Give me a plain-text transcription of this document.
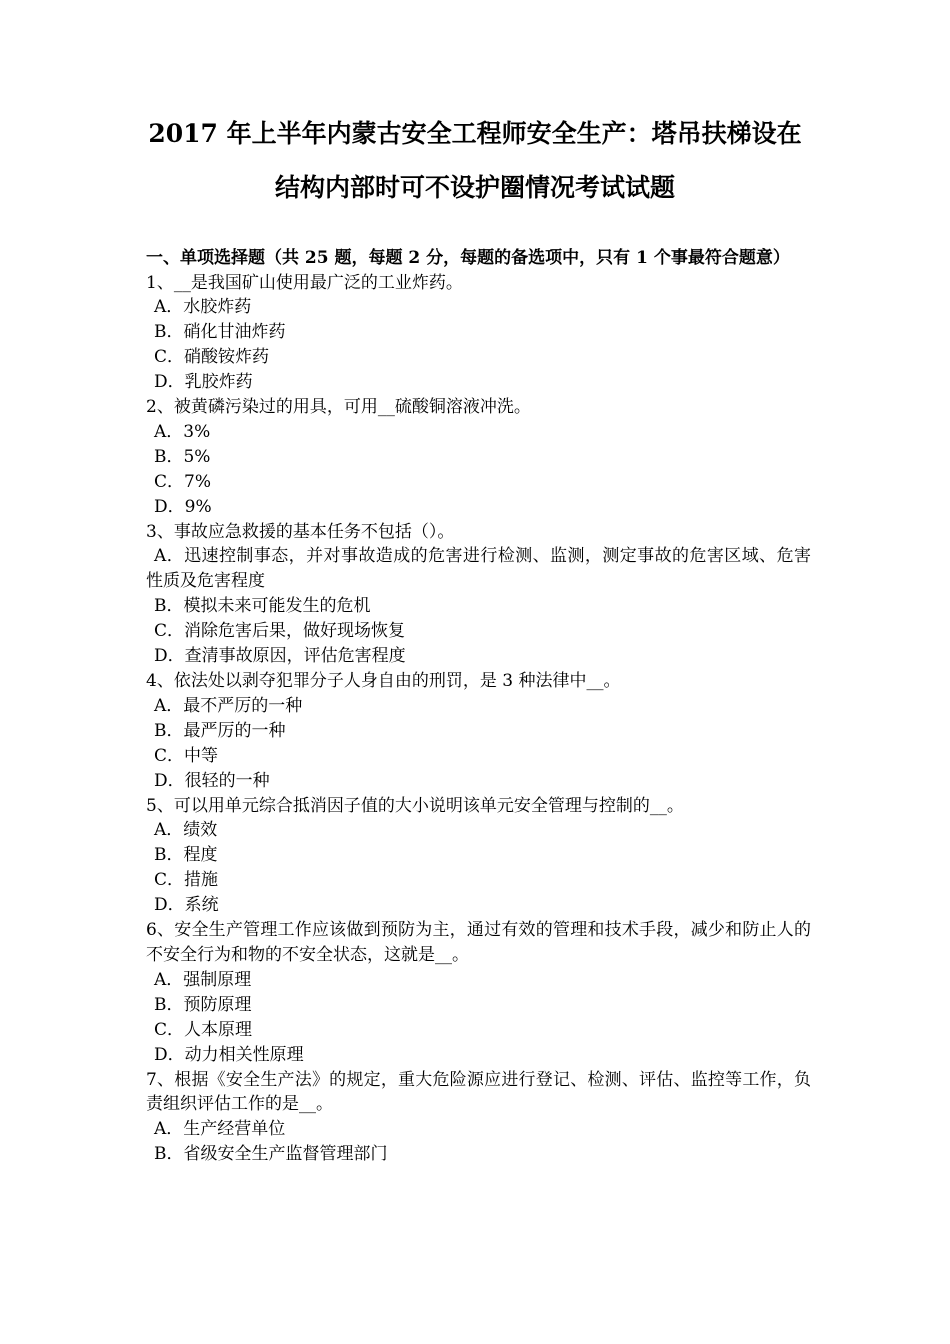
2017 年上半年内蒙古安全工程师安全生产：塔吊扶梯设在
结构内部时可不设护圈情况考试试题

一、单项选择题（共 25 题，每题 2 分，每题的备选项中，只有 1 个事最符合题意）

1、__是我国矿山使用最广泛的工业炸药。

A．水胶炸药

B．硝化甘油炸药

C．硝酸铵炸药

D．乳胶炸药

2、被黄磷污染过的用具，可用__硫酸铜溶液冲洗。

A．3%

B．5%

C．7%

D．9%

3、事故应急救援的基本任务不包括（）。

A．迅速控制事态，并对事故造成的危害进行检测、监测，测定事故的危害区域、危害性质及危害程度

B．模拟未来可能发生的危机

C．消除危害后果，做好现场恢复

D．查清事故原因，评估危害程度

4、依法处以剥夺犯罪分子人身自由的刑罚，是 3 种法律中__。

A．最不严厉的一种

B．最严厉的一种

C．中等

D．很轻的一种

5、可以用单元综合抵消因子值的大小说明该单元安全管理与控制的__。

A．绩效

B．程度

C．措施

D．系统

6、安全生产管理工作应该做到预防为主，通过有效的管理和技术手段，减少和防止人的不安全行为和物的不安全状态，这就是__。

A．强制原理

B．预防原理

C．人本原理

D．动力相关性原理

7、根据《安全生产法》的规定，重大危险源应进行登记、检测、评估、监控等工作，负责组织评估工作的是__。

A．生产经营单位

B．省级安全生产监督管理部门
